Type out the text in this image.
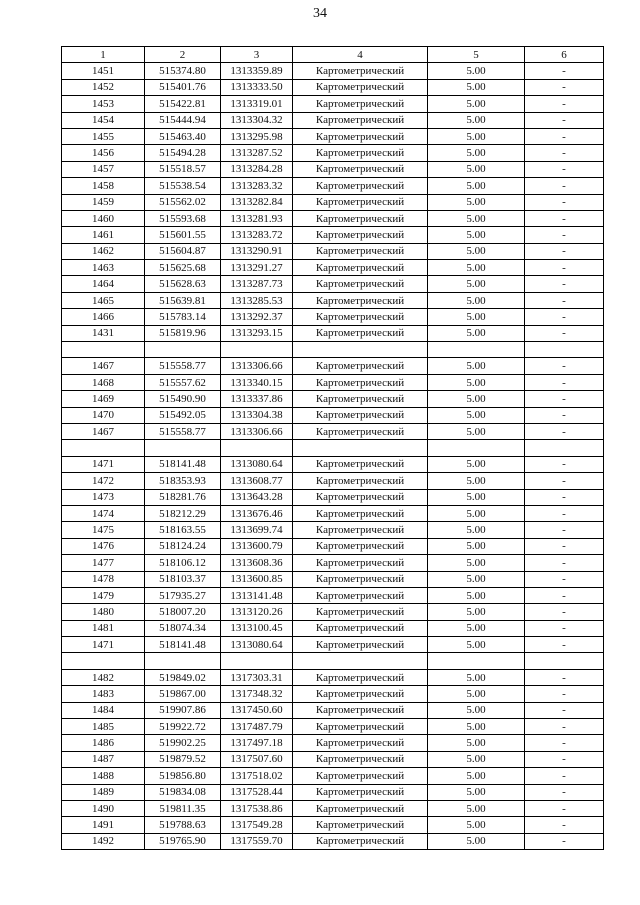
34
1	2	3	4	5	6
1451	515374.80	1313359.89	Картометрический	5.00	-
1452	515401.76	1313333.50	Картометрический	5.00	-
1453	515422.81	1313319.01	Картометрический	5.00	-
1454	515444.94	1313304.32	Картометрический	5.00	-
1455	515463.40	1313295.98	Картометрический	5.00	-
1456	515494.28	1313287.52	Картометрический	5.00	-
1457	515518.57	1313284.28	Картометрический	5.00	-
1458	515538.54	1313283.32	Картометрический	5.00	-
1459	515562.02	1313282.84	Картометрический	5.00	-
1460	515593.68	1313281.93	Картометрический	5.00	-
1461	515601.55	1313283.72	Картометрический	5.00	-
1462	515604.87	1313290.91	Картометрический	5.00	-
1463	515625.68	1313291.27	Картометрический	5.00	-
1464	515628.63	1313287.73	Картометрический	5.00	-
1465	515639.81	1313285.53	Картометрический	5.00	-
1466	515783.14	1313292.37	Картометрический	5.00	-
1431	515819.96	1313293.15	Картометрический	5.00	-

1467	515558.77	1313306.66	Картометрический	5.00	-
1468	515557.62	1313340.15	Картометрический	5.00	-
1469	515490.90	1313337.86	Картометрический	5.00	-
1470	515492.05	1313304.38	Картометрический	5.00	-
1467	515558.77	1313306.66	Картометрический	5.00	-

1471	518141.48	1313080.64	Картометрический	5.00	-
1472	518353.93	1313608.77	Картометрический	5.00	-
1473	518281.76	1313643.28	Картометрический	5.00	-
1474	518212.29	1313676.46	Картометрический	5.00	-
1475	518163.55	1313699.74	Картометрический	5.00	-
1476	518124.24	1313600.79	Картометрический	5.00	-
1477	518106.12	1313608.36	Картометрический	5.00	-
1478	518103.37	1313600.85	Картометрический	5.00	-
1479	517935.27	1313141.48	Картометрический	5.00	-
1480	518007.20	1313120.26	Картометрический	5.00	-
1481	518074.34	1313100.45	Картометрический	5.00	-
1471	518141.48	1313080.64	Картометрический	5.00	-

1482	519849.02	1317303.31	Картометрический	5.00	-
1483	519867.00	1317348.32	Картометрический	5.00	-
1484	519907.86	1317450.60	Картометрический	5.00	-
1485	519922.72	1317487.79	Картометрический	5.00	-
1486	519902.25	1317497.18	Картометрический	5.00	-
1487	519879.52	1317507.60	Картометрический	5.00	-
1488	519856.80	1317518.02	Картометрический	5.00	-
1489	519834.08	1317528.44	Картометрический	5.00	-
1490	519811.35	1317538.86	Картометрический	5.00	-
1491	519788.63	1317549.28	Картометрический	5.00	-
1492	519765.90	1317559.70	Картометрический	5.00	-
